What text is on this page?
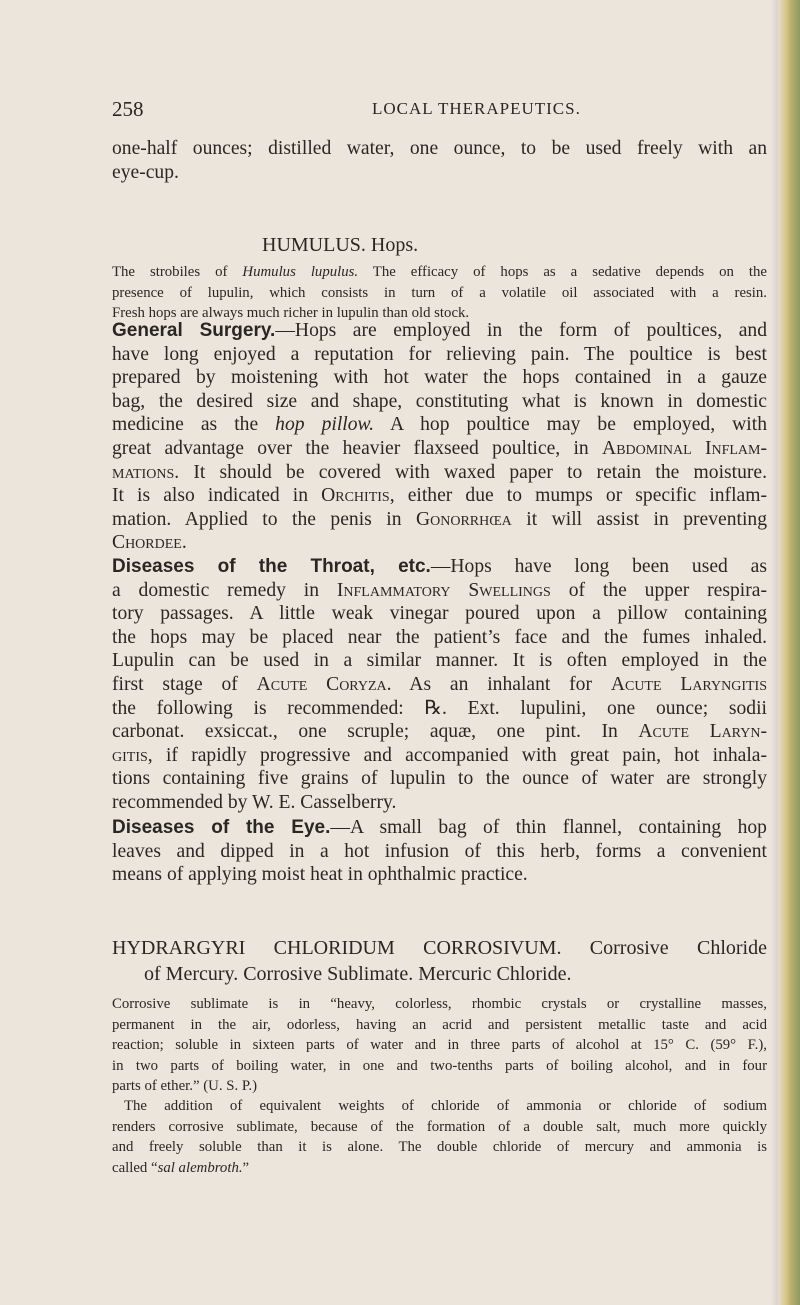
258	LOCAL THERAPEUTICS.
one-half ounces; distilled water, one ounce, to be used freely with an
eye-cup.
HUMULUS. Hops.
The strobiles of Humulus lupulus. The efficacy of hops as a sedative depends on the
presence of lupulin, which consists in turn of a volatile oil associated with a resin.
Fresh hops are always much richer in lupulin than old stock.
General Surgery.—Hops are employed in the form of poultices, and
have long enjoyed a reputation for relieving pain. The poultice is best
prepared by moistening with hot water the hops contained in a gauze
bag, the desired size and shape, constituting what is known in domestic
medicine as the hop pillow. A hop poultice may be employed, with
great advantage over the heavier flaxseed poultice, in Abdominal Inflam-
mations. It should be covered with waxed paper to retain the moisture.
It is also indicated in Orchitis, either due to mumps or specific inflam-
mation. Applied to the penis in Gonorrhœa it will assist in preventing
Chordee.
Diseases of the Throat, etc.—Hops have long been used as
a domestic remedy in Inflammatory Swellings of the upper respira-
tory passages. A little weak vinegar poured upon a pillow containing
the hops may be placed near the patient’s face and the fumes inhaled.
Lupulin can be used in a similar manner. It is often employed in the
first stage of Acute Coryza. As an inhalant for Acute Laryngitis
the following is recommended: ℞. Ext. lupulini, one ounce; sodii
carbonat. exsiccat., one scruple; aquæ, one pint. In Acute Laryn-
gitis, if rapidly progressive and accompanied with great pain, hot inhala-
tions containing five grains of lupulin to the ounce of water are strongly
recommended by W. E. Casselberry.
Diseases of the Eye.—A small bag of thin flannel, containing hop
leaves and dipped in a hot infusion of this herb, forms a convenient
means of applying moist heat in ophthalmic practice.
HYDRARGYRI CHLORIDUM CORROSIVUM. Corrosive Chloride
of Mercury. Corrosive Sublimate. Mercuric Chloride.
Corrosive sublimate is in “heavy, colorless, rhombic crystals or crystalline masses,
permanent in the air, odorless, having an acrid and persistent metallic taste and acid
reaction; soluble in sixteen parts of water and in three parts of alcohol at 15° C. (59° F.),
in two parts of boiling water, in one and two-tenths parts of boiling alcohol, and in four
parts of ether.” (U. S. P.)
The addition of equivalent weights of chloride of ammonia or chloride of sodium
renders corrosive sublimate, because of the formation of a double salt, much more quickly
and freely soluble than it is alone. The double chloride of mercury and ammonia is
called “sal alembroth.”
